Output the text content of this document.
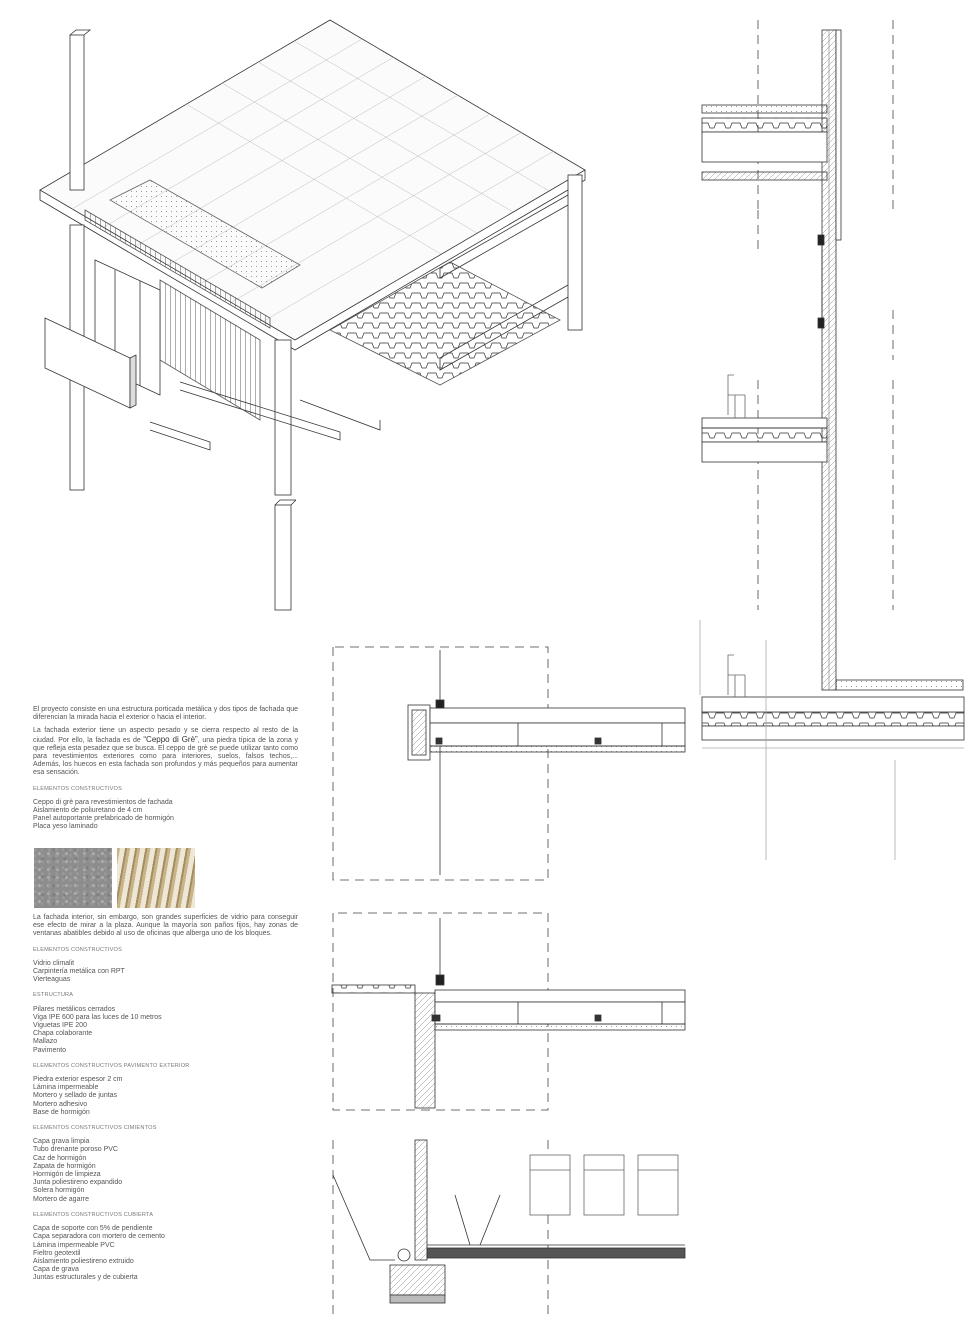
El proyecto consiste en una estructura porticada metálica y dos tipos de fachada que diferencian la mirada hacia el exterior o hacia el interior.

La fachada exterior tiene un aspecto pesado y se cierra respecto al resto de la ciudad. Por ello, la fachada es de “Ceppo di Grè”, una piedra típica de la zona y que refleja esta pesadez que se busca. El ceppo de grè se puede utilizar tanto como para revestimientos exteriores como para interiores, suelos, falsos techos,... Además, los huecos en esta fachada son profundos y más pequeños para aumentar esa sensación.

ELEMENTOS CONSTRUCTIVOS
Ceppo di grè para revestimientos de fachada
Aislamiento de poliuretano de 4 cm
Panel autoportante prefabricado de hormigón
Placa yeso laminado

La fachada interior, sin embargo, son grandes superficies de vidrio para conseguir ese efecto de mirar a la plaza. Aunque la mayoría son paños fijos, hay zonas de ventanas abatibles debido al uso de oficinas que alberga uno de los bloques.

ELEMENTOS CONSTRUCTIVOS
Vidrio climalit
Carpintería metálica con RPT
Vierteaguas
ESTRUCTURA
Pilares metálicos cerrados
Viga IPE 600 para las luces de 10 metros
Viguetas IPE 200
Chapa colaborante
Mallazo
Pavimento
ELEMENTOS CONSTRUCTIVOS PAVIMENTO EXTERIOR
Piedra exterior espesor 2 cm
Lámina impermeable
Mortero y sellado de juntas
Mortero adhesivo
Base de hormigón
ELEMENTOS CONSTRUCTIVOS CIMIENTOS
Capa grava limpia
Tubo drenante poroso PVC
Caz de hormigón
Zapata de hormigón
Hormigón de limpieza
Junta poliestireno expandido
Solera hormigón
Mortero de agarre
ELEMENTOS CONSTRUCTIVOS CUBIERTA
Capa de soporte con 5% de pendiente
Capa separadora con mortero de cemento
Lámina impermeable PVC
Fieltro geotextil
Aislamiento poliestireno extruido
Capa de grava
Juntas estructurales y de cubierta
